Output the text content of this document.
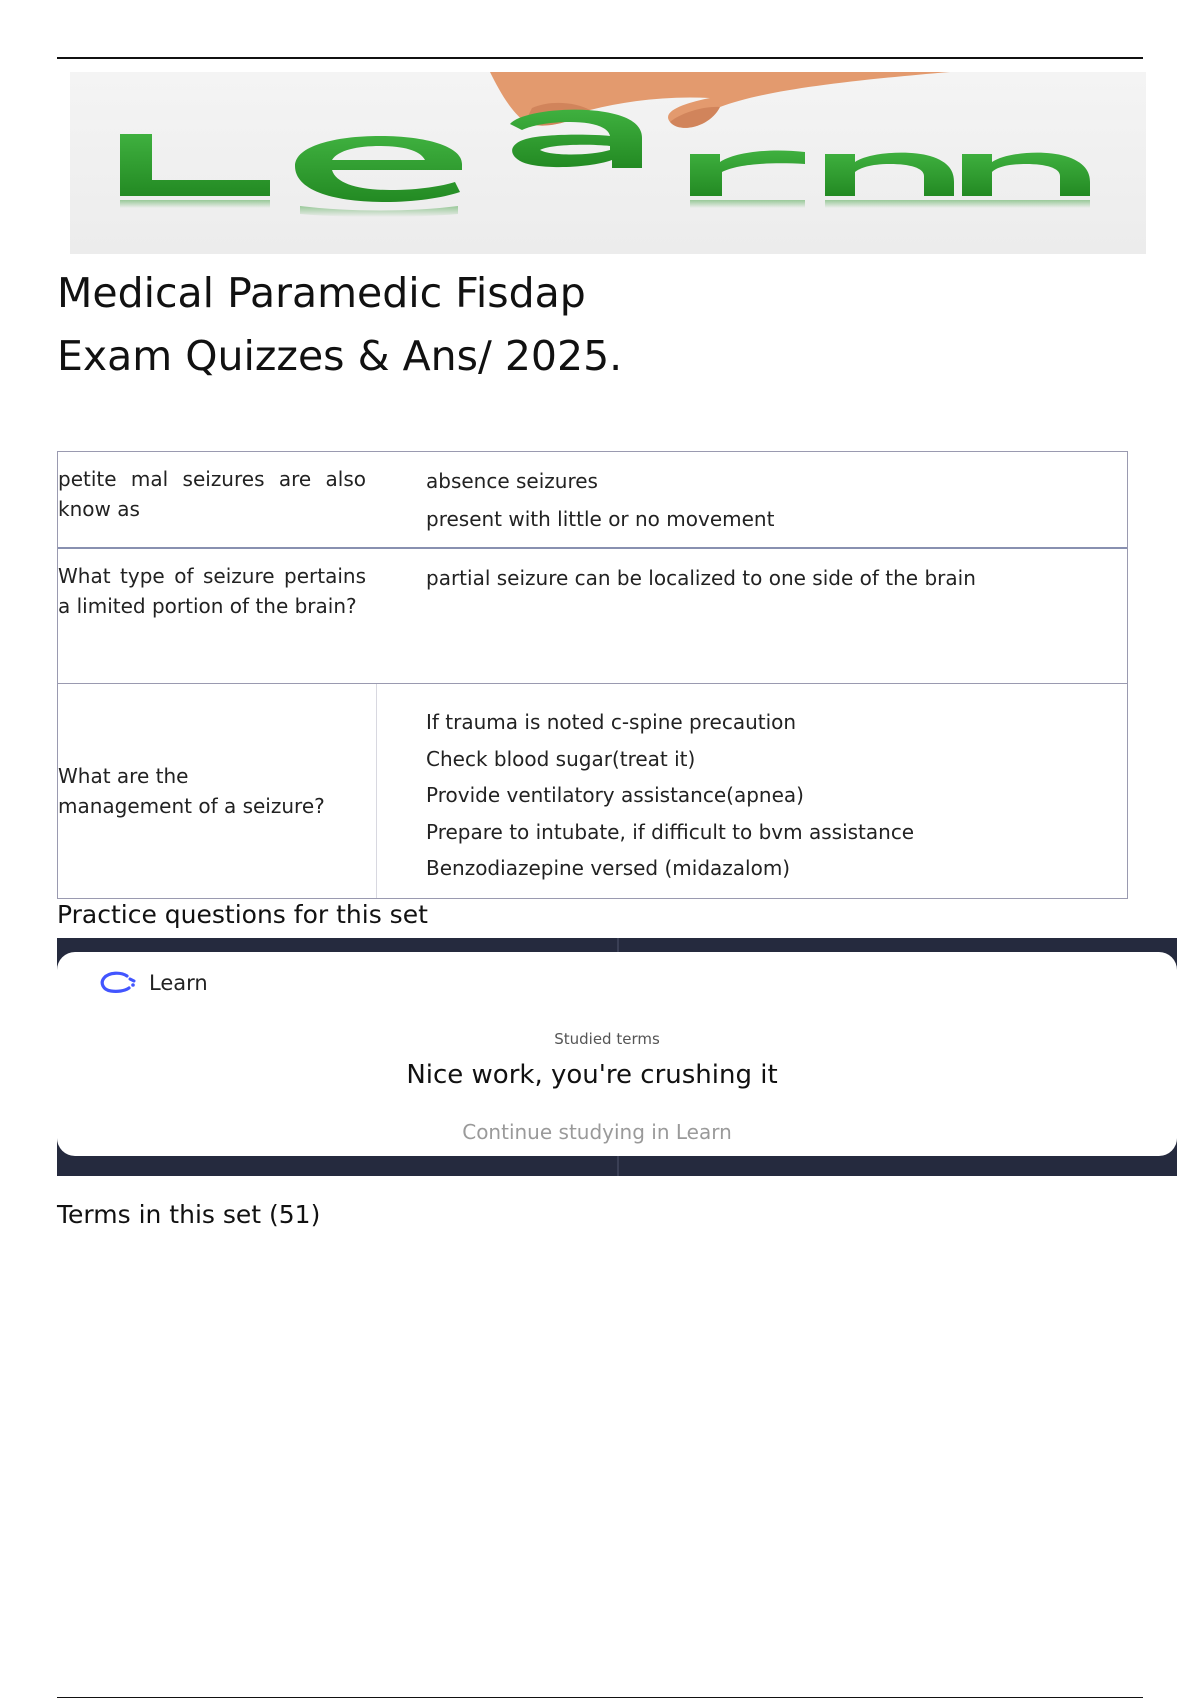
Medical Paramedic Fisdap
Exam Quizzes & Ans/ 2025.
petite mal seizures are also know as
absence seizures
present with little or no movement
What type of seizure pertains a limited portion of the brain?
partial seizure can be localized to one side of the brain
What are the management of a seizure?
If trauma is noted c-spine precaution
Check blood sugar(treat it)
Provide ventilatory assistance(apnea)
Prepare to intubate, if difficult to bvm assistance
Benzodiazepine versed (midazalom)
Practice questions for this set
Learn
Studied terms
Nice work, you're crushing it
Continue studying in Learn
Terms in this set (51)
